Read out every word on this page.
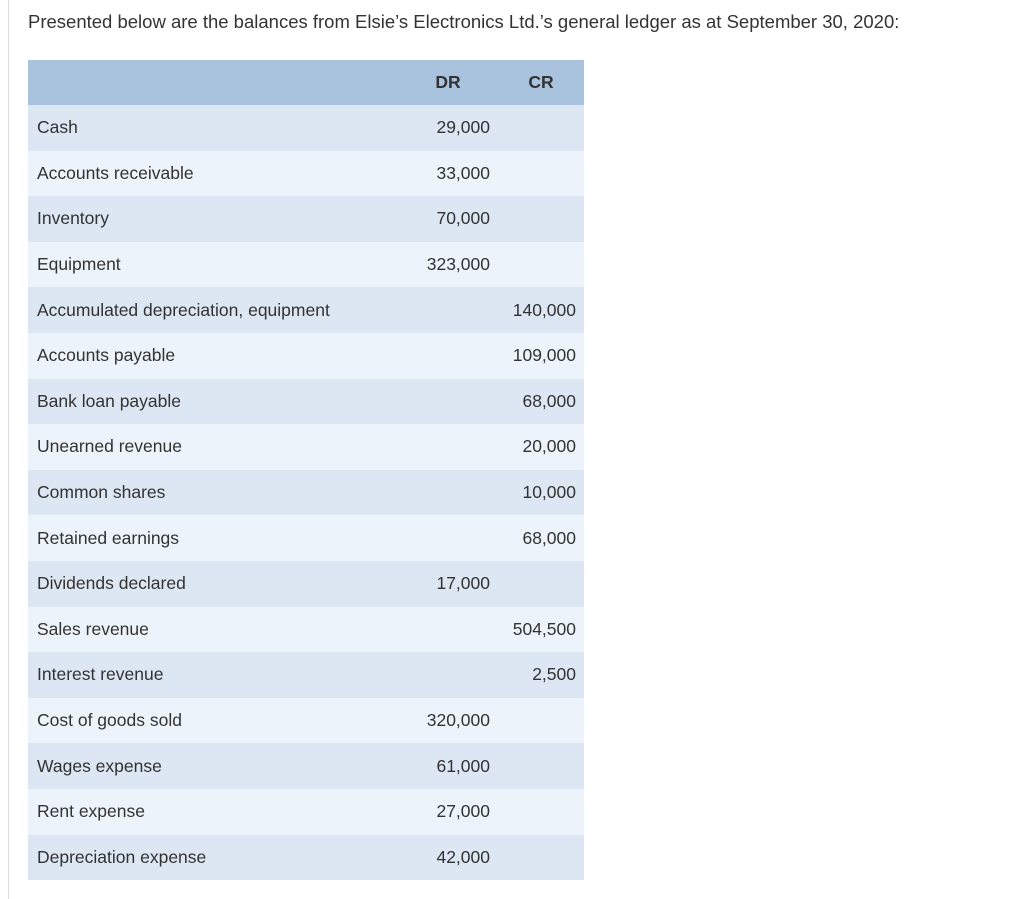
Presented below are the balances from Elsie’s Electronics Ltd.’s general ledger as at September 30, 2020:

	DR	CR
Cash	29,000	
Accounts receivable	33,000	
Inventory	70,000	
Equipment	323,000	
Accumulated depreciation, equipment		140,000
Accounts payable		109,000
Bank loan payable		68,000
Unearned revenue		20,000
Common shares		10,000
Retained earnings		68,000
Dividends declared	17,000	
Sales revenue		504,500
Interest revenue		2,500
Cost of goods sold	320,000	
Wages expense	61,000	
Rent expense	27,000	
Depreciation expense	42,000	
